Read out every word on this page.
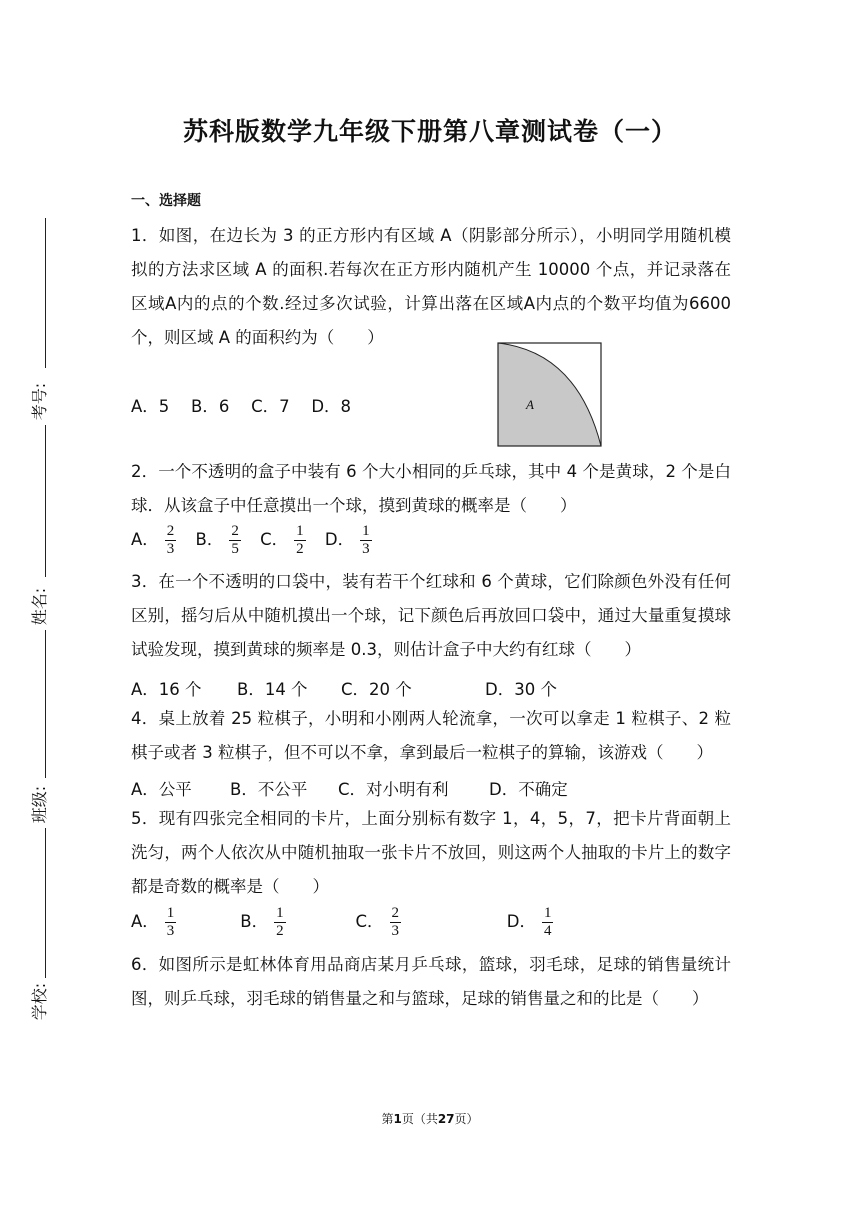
考号:
姓名:
班级:
学校:
苏科版数学九年级下册第八章测试卷（一）
一、选择题
1．如图，在边长为 3 的正方形内有区域 A（阴影部分所示），小明同学用随机模拟的方法求区域 A 的面积.若每次在正方形内随机产生 10000 个点，并记录落在区域A内的点的个数.经过多次试验，计算出落在区域A内点的个数平均值为6600个，则区域 A 的面积约为（　　）
A．5　 B．6　 C．7　 D．8	A
2．一个不透明的盒子中装有 6 个大小相同的乒乓球，其中 4 个是黄球，2 个是白球．从该盒子中任意摸出一个球，摸到黄球的概率是（　　）
A． $\frac{2}{3}$ B． $\frac{2}{5}$ C． $\frac{1}{2}$ D． $\frac{1}{3}$
3．在一个不透明的口袋中，装有若干个红球和 6 个黄球，它们除颜色外没有任何区别，摇匀后从中随机摸出一个球，记下颜色后再放回口袋中，通过大量重复摸球试验发现，摸到黄球的频率是 0.3，则估计盒子中大约有红球（　　）
A．16 个 B．14 个 C．20 个	D．30 个
4．桌上放着 25 粒棋子，小明和小刚两人轮流拿，一次可以拿走 1 粒棋子、2 粒棋子或者 3 粒棋子，但不可以不拿，拿到最后一粒棋子的算输，该游戏（　　）
A．公平 B．不公平 C．对小明有利 D．不确定
5．现有四张完全相同的卡片，上面分别标有数字 1，4，5，7，把卡片背面朝上洗匀，两个人依次从中随机抽取一张卡片不放回，则这两个人抽取的卡片上的数字都是奇数的概率是（　　）
A． $\frac{1}{3}$	B． $\frac{1}{2}$	C． $\frac{2}{3}$	D． $\frac{1}{4}$
6．如图所示是虹林体育用品商店某月乒乓球，篮球，羽毛球，足球的销售量统计图，则乒乓球，羽毛球的销售量之和与篮球，足球的销售量之和的比是（　　）
第1页（共27页）
